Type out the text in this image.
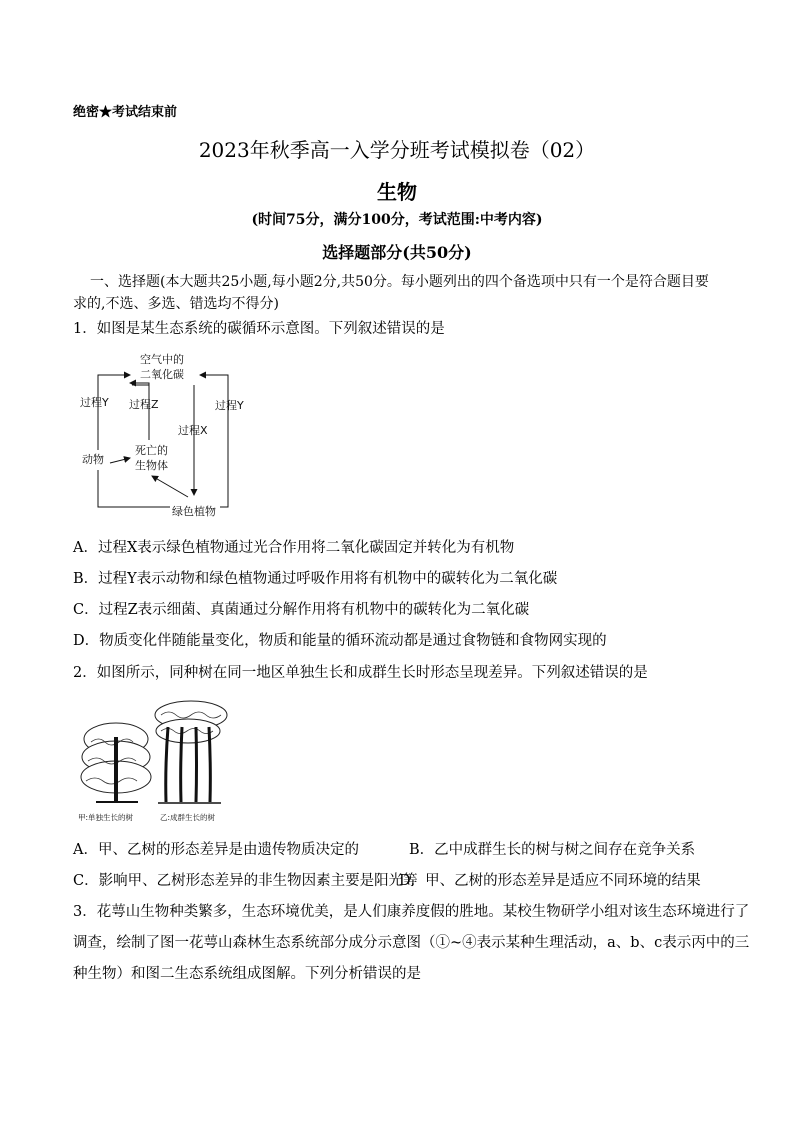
绝密★考试结束前
2023年秋季高一入学分班考试模拟卷（02）
生物
(时间75分，满分100分，考试范围:中考内容)
选择题部分(共50分)
一、选择题(本大题共25小题,每小题2分,共50分。每小题列出的四个备选项中只有一个是符合题目要
求的,不选、多选、错选均不得分)
1．如图是某生态系统的碳循环示意图。下列叙述错误的是
空气中的
二氧化碳
过程Y 过程Z	过程Y
过程X
动物
死亡的
生物体
绿色植物
A．过程X表示绿色植物通过光合作用将二氧化碳固定并转化为有机物
B．过程Y表示动物和绿色植物通过呼吸作用将有机物中的碳转化为二氧化碳
C．过程Z表示细菌、真菌通过分解作用将有机物中的碳转化为二氧化碳
D．物质变化伴随能量变化，物质和能量的循环流动都是通过食物链和食物网实现的
2．如图所示，同种树在同一地区单独生长和成群生长时形态呈现差异。下列叙述错误的是
甲:单独生长的树	乙:成群生长的树
A．甲、乙树的形态差异是由遗传物质决定的	B．乙中成群生长的树与树之间存在竞争关系
C．影响甲、乙树形态差异的非生物因素主要是阳光等
D．甲、乙树的形态差异是适应不同环境的结果
3．花萼山生物种类繁多，生态环境优美，是人们康养度假的胜地。某校生物研学小组对该生态环境进行了
调查，绘制了图一花萼山森林生态系统部分成分示意图（①~④表示某种生理活动，a、b、c表示丙中的三
种生物）和图二生态系统组成图解。下列分析错误的是
